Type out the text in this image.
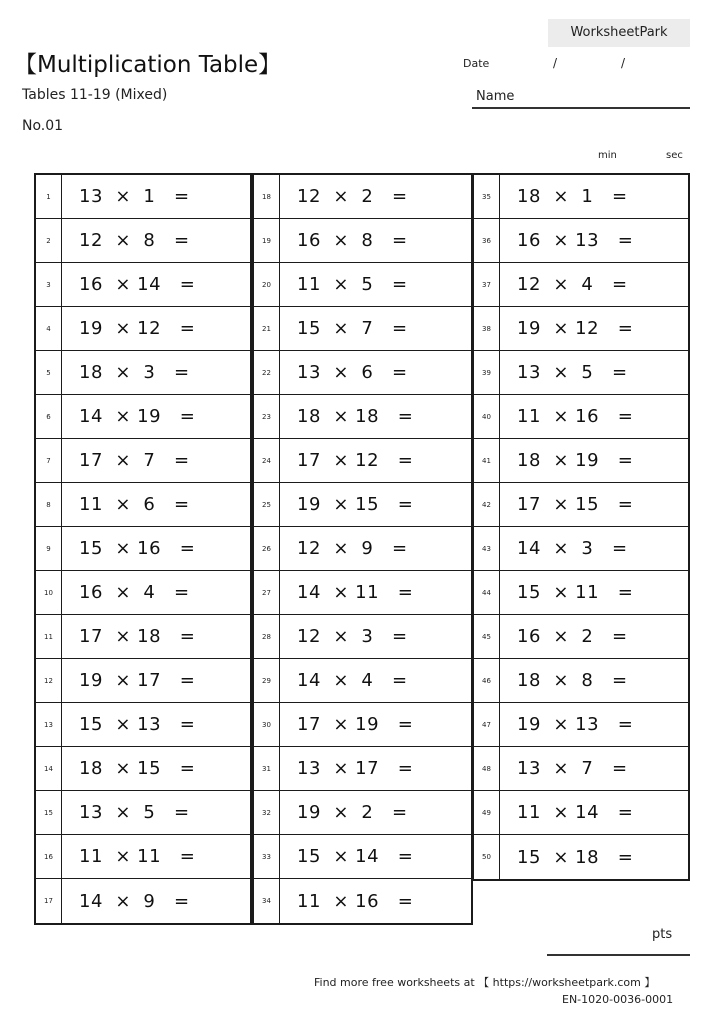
WorksheetPark
【Multiplication Table】
Tables 11-19 (Mixed)
No.01
Date	/	/
Name
min	sec
1	13  ×  1   =
2	12  ×  8   =
3	16  × 14   =
4	19  × 12   =
5	18  ×  3   =
6	14  × 19   =
7	17  ×  7   =
8	11  ×  6   =
9	15  × 16   =
10	16  ×  4   =
11	17  × 18   =
12	19  × 17   =
13	15  × 13   =
14	18  × 15   =
15	13  ×  5   =
16	11  × 11   =
17	14  ×  9   =
18	12  ×  2   =
19	16  ×  8   =
20	11  ×  5   =
21	15  ×  7   =
22	13  ×  6   =
23	18  × 18   =
24	17  × 12   =
25	19  × 15   =
26	12  ×  9   =
27	14  × 11   =
28	12  ×  3   =
29	14  ×  4   =
30	17  × 19   =
31	13  × 17   =
32	19  ×  2   =
33	15  × 14   =
34	11  × 16   =
35	18  ×  1   =
36	16  × 13   =
37	12  ×  4   =
38	19  × 12   =
39	13  ×  5   =
40	11  × 16   =
41	18  × 19   =
42	17  × 15   =
43	14  ×  3   =
44	15  × 11   =
45	16  ×  2   =
46	18  ×  8   =
47	19  × 13   =
48	13  ×  7   =
49	11  × 14   =
50	15  × 18   =
pts
Find more free worksheets at 【 https://worksheetpark.com 】
EN-1020-0036-0001
